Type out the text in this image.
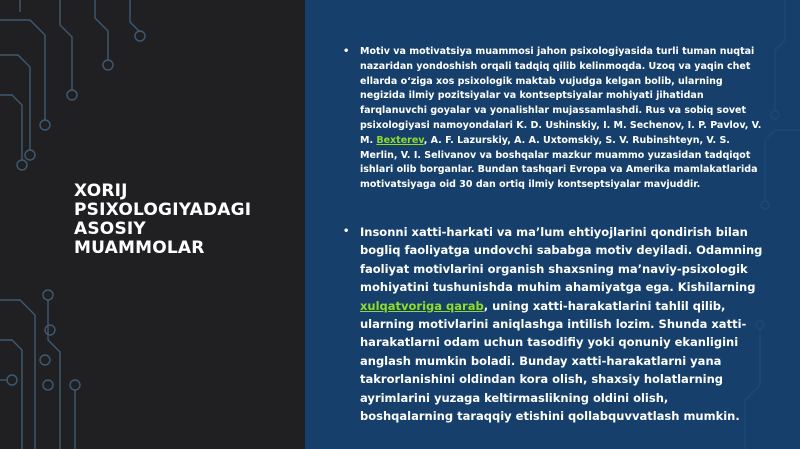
XORIJ
PSIXOLOGIYADAGI
ASOSIY
MUAMMOLAR
• Motiv va motivatsiya muammosi jahon psixologiyasida turli tuman nuqtai nazaridan yondoshish orqali tadqiq qilib kelinmoqda. Uzoq va yaqin chet ellarda o‘ziga xos psixologik maktab vujudga kelgan bolib, ularning negizida ilmiy pozitsiyalar va kontseptsiyalar mohiyati jihatidan farqlanuvchi goyalar va yonalishlar mujassamlashdi. Rus va sobiq sovet psixologiyasi namoyondalari K. D. Ushinskiy, I. M. Sechenov, I. P. Pavlov, V. M. Bexterev, A. F. Lazurskiy, A. A. Uxtomskiy, S. V. Rubinshteyn, V. S. Merlin, V. I. Selivanov va boshqalar mazkur muammo yuzasidan tadqiqot ishlari olib borganlar. Bundan tashqari Evropa va Amerika mamlakatlarida motivatsiyaga oid 30 dan ortiq ilmiy kontseptsiyalar mavjuddir.
• Insonni xatti-harkati va ma’lum ehtiyojlarini qondirish bilan bogliq faoliyatga undovchi sababga motiv deyiladi. Odamning faoliyat motivlarini organish shaxsning ma’naviy-psixologik mohiyatini tushunishda muhim ahamiyatga ega. Kishilarning xulqatvoriga qarab, uning xatti-harakatlarini tahlil qilib, ularning motivlarini aniqlashga intilish lozim. Shunda xatti-harakatlarni odam uchun tasodifiy yoki qonuniy ekanligini anglash mumkin boladi. Bunday xatti-harakatlarni yana takrorlanishini oldindan kora olish, shaxsiy holatlarning ayrimlarini yuzaga keltirmaslikning oldini olish, boshqalarning taraqqiy etishini qollabquvvatlash mumkin.
